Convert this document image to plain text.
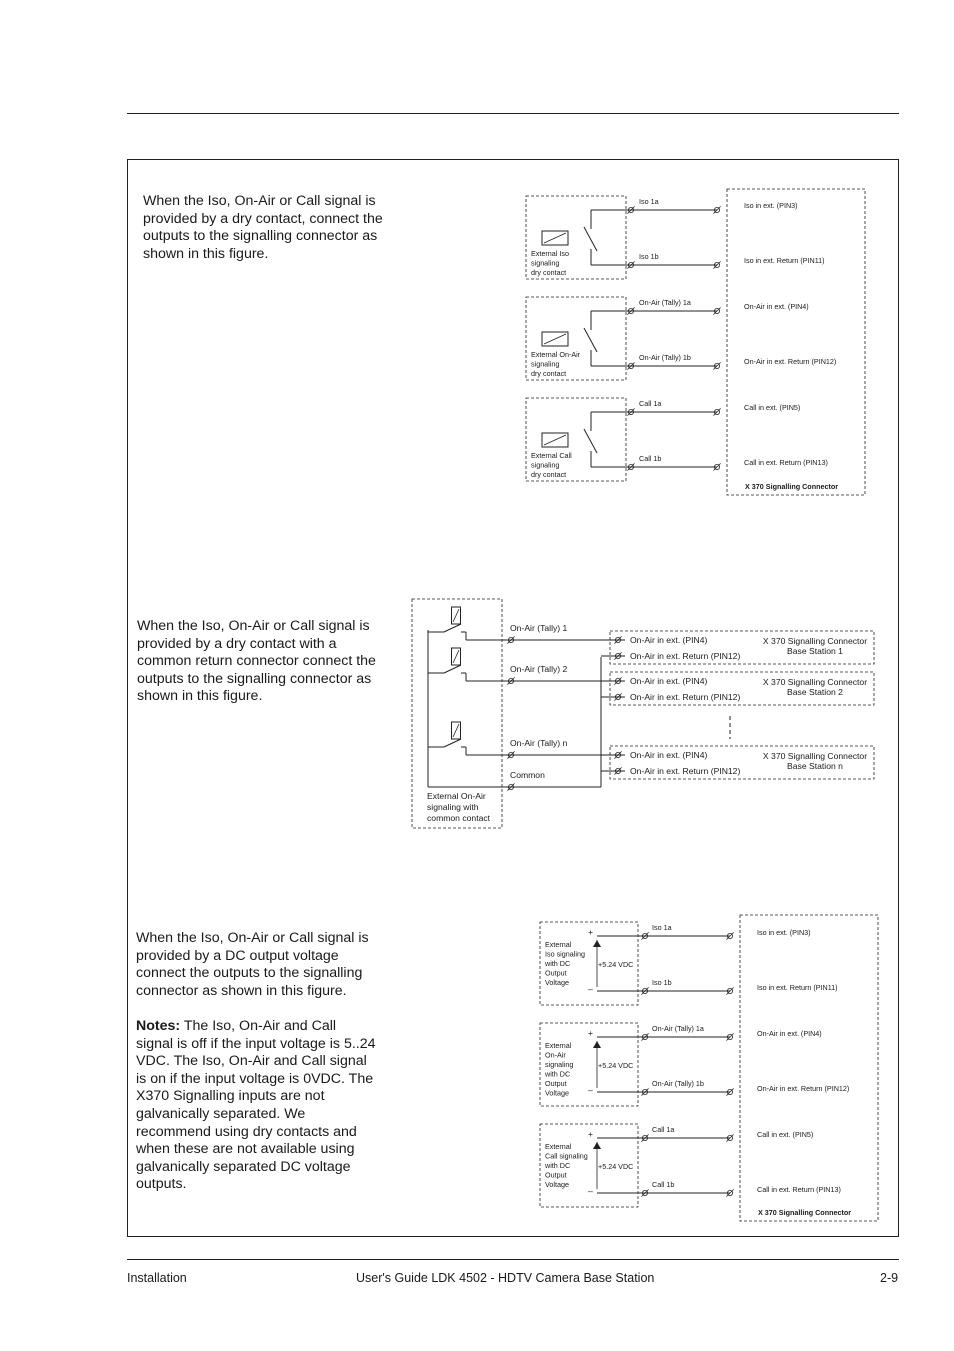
When the Iso, On-Air or Call signal is provided by a dry contact, connect the outputs to the signalling connector as shown in this figure.

When the Iso, On-Air or Call signal is provided by a dry contact with a common return connector connect the outputs to the signalling connector as shown in this figure.

When the Iso, On-Air or Call signal is provided by a DC output voltage connect the outputs to the signalling connector as shown in this figure.

Notes: The Iso, On-Air and Call signal is off if the input voltage is 5..24 VDC. The Iso, On-Air and Call signal is on if the input voltage is 0VDC. The X370 Signalling inputs are not galvanically separated. We recommend using dry contacts and when these are not available using galvanically separated DC voltage outputs.

X 370 Signalling Connector
External Iso
signaling
dry contact
Iso 1a
Iso 1b
Iso in ext. (PIN3)
Iso in ext. Return (PIN11)
External On-Air
signaling
dry contact
On-Air (Tally) 1a
On-Air (Tally) 1b
On-Air in ext. (PIN4)
On-Air in ext. Return (PIN12)
External Call
signaling
dry contact
Call 1a
Call 1b
Call in ext. (PIN5)
Call in ext. Return (PIN13)
External On-Air
signaling with
common contact
On-Air (Tally) 1
On-Air (Tally) 2
On-Air (Tally) n
Common
On-Air in ext. (PIN4)
On-Air in ext. Return (PIN12)
X 370 Signalling Connector
Base Station 1
On-Air in ext. (PIN4)
On-Air in ext. Return (PIN12)
X 370 Signalling Connector
Base Station 2
On-Air in ext. (PIN4)
On-Air in ext. Return (PIN12)
X 370 Signalling Connector
Base Station n
X 370 Signalling Connector
External
Iso signaling
with DC
Output
Voltage
+
–
+5.24 VDC
Iso 1a
Iso 1b
Iso in ext. (PIN3)
Iso in ext. Return (PIN11)
External
On-Air
signaling
with DC
Output
Voltage
+
–
+5.24 VDC
On-Air (Tally) 1a
On-Air (Tally) 1b
On-Air in ext. (PIN4)
On-Air in ext. Return (PIN12)
External
Call signaling
with DC
Output
Voltage
+
–
+5.24 VDC
Call 1a
Call 1b
Call in ext. (PIN5)
Call in ext. Return (PIN13)
Installation	User's Guide LDK 4502 - HDTV Camera Base Station	2-9
